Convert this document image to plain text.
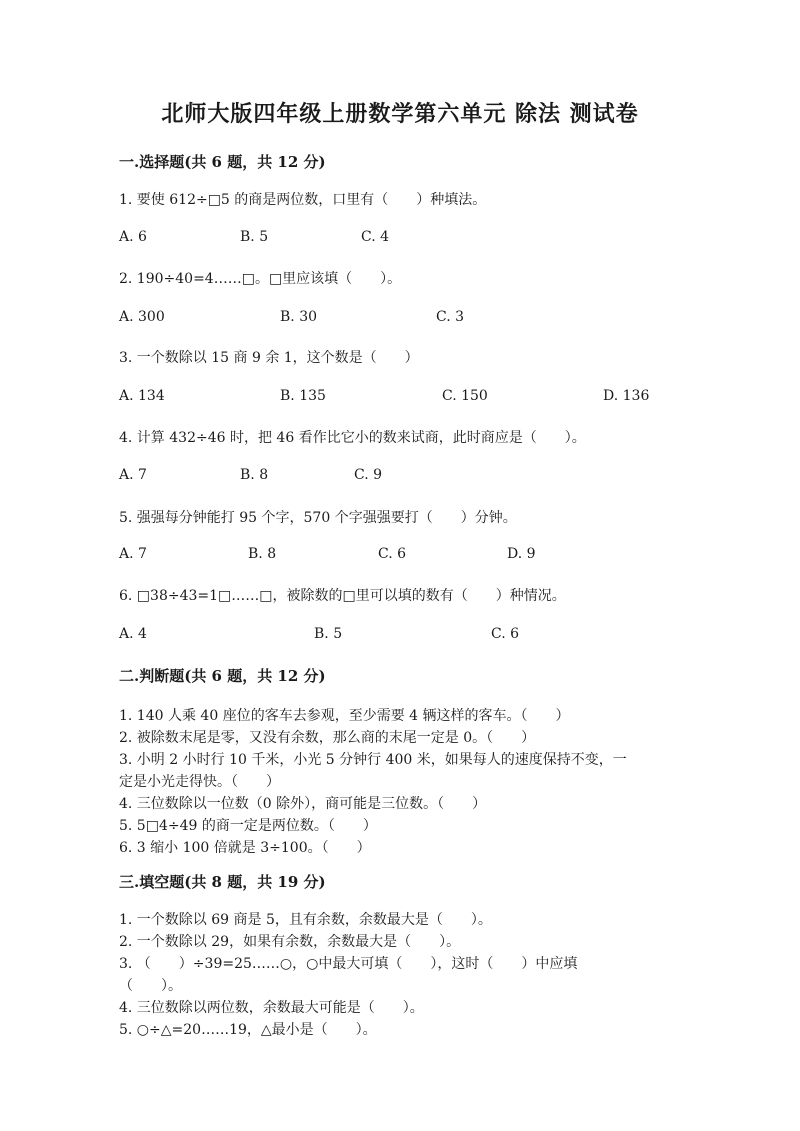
北师大版四年级上册数学第六单元 除法 测试卷
一.选择题(共 6 题，共 12 分)
1. 要使 612÷□5 的商是两位数，口里有（　　）种填法。
A. 6	B. 5	C. 4
2. 190÷40=4……□。□里应该填（　　）。
A. 300	B. 30	C. 3
3. 一个数除以 15 商 9 余 1，这个数是（　　）
A. 134	B. 135	C. 150	D. 136
4. 计算 432÷46 时，把 46 看作比它小的数来试商，此时商应是（　　）。
A. 7	B. 8	C. 9
5. 强强每分钟能打 95 个字，570 个字强强要打（　　）分钟。
A. 7	B. 8	C. 6	D. 9
6. □38÷43=1□……□，被除数的□里可以填的数有（　　）种情况。
A. 4	B. 5	C. 6
二.判断题(共 6 题，共 12 分)
1. 140 人乘 40 座位的客车去参观，至少需要 4 辆这样的客车。（　　）
2. 被除数末尾是零，又没有余数，那么商的末尾一定是 0。（　　）
3. 小明 2 小时行 10 千米，小光 5 分钟行 400 米，如果每人的速度保持不变，一
定是小光走得快。（　　）
4. 三位数除以一位数（0 除外），商可能是三位数。（　　）
5. 5□4÷49 的商一定是两位数。（　　）
6. 3 缩小 100 倍就是 3÷100。（　　）
三.填空题(共 8 题，共 19 分)
1. 一个数除以 69 商是 5，且有余数，余数最大是（　　）。
2. 一个数除以 29，如果有余数，余数最大是（　　）。
3. （　　）÷39=25……○，○中最大可填（　　），这时（　　）中应填
（　　）。
4. 三位数除以两位数，余数最大可能是（　　）。
5. ○÷△=20……19，△最小是（　　）。
